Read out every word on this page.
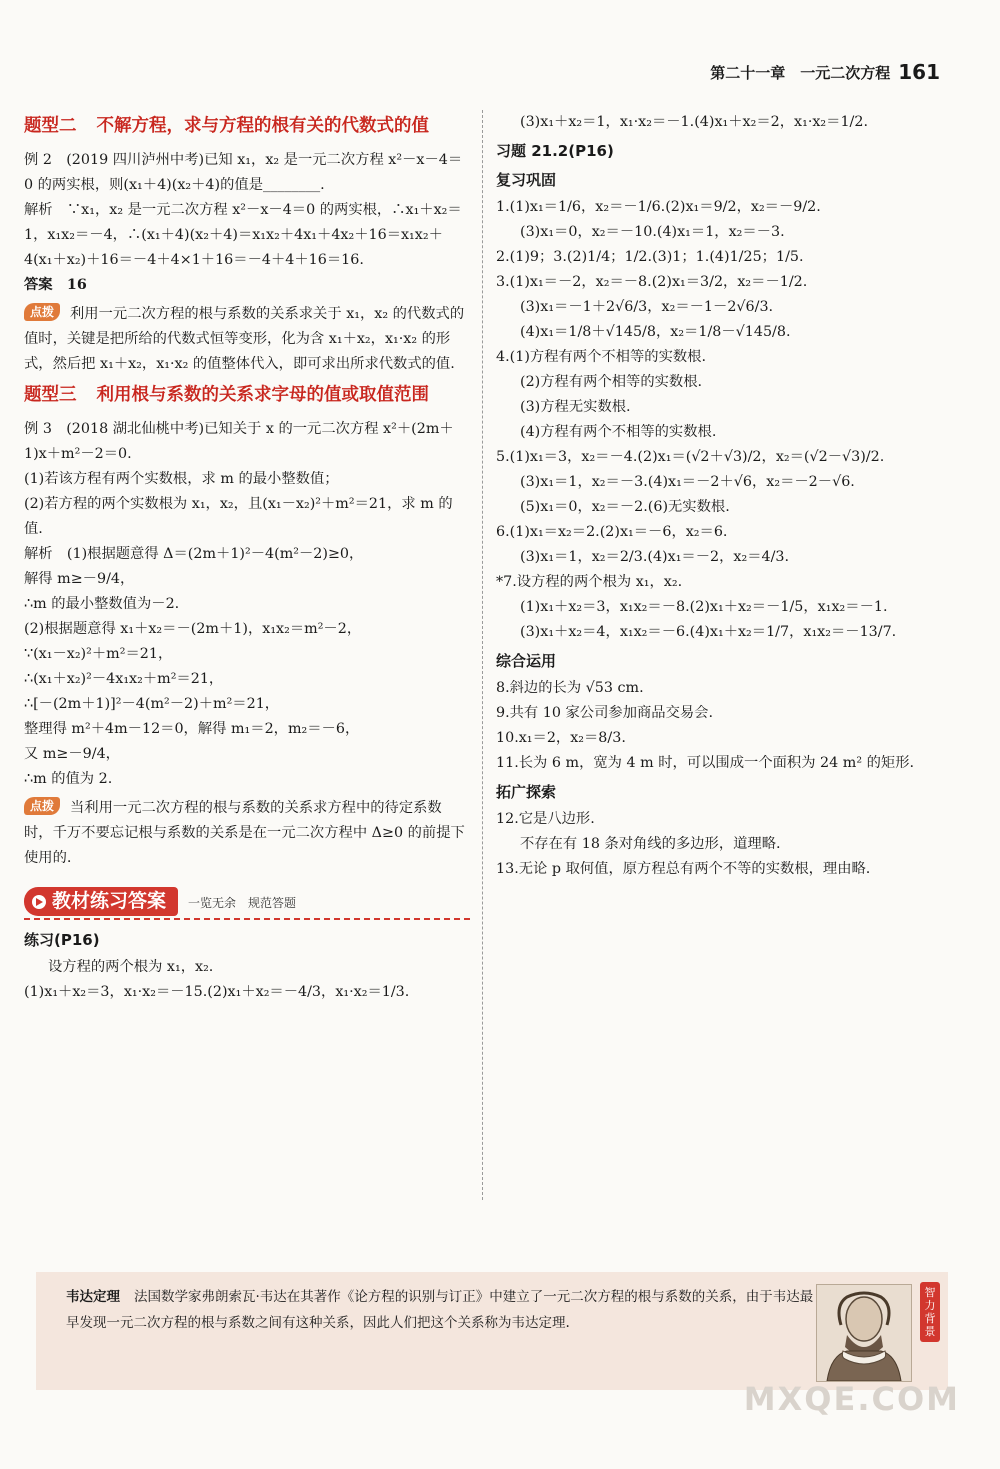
第二十一章　一元二次方程 161
题型二 不解方程，求与方程的根有关的代数式的值

例 2　(2019 四川泸州中考)已知 x₁，x₂ 是一元二次方程 x²－x－4＝0 的两实根，则(x₁＋4)(x₂＋4)的值是________.

解析　∵x₁，x₂ 是一元二次方程 x²－x－4＝0 的两实根，∴x₁＋x₂＝1，x₁x₂＝－4，∴(x₁＋4)(x₂＋4)＝x₁x₂＋4x₁＋4x₂＋16＝x₁x₂＋4(x₁＋x₂)＋16＝－4＋4×1＋16＝－4＋4＋16＝16.

答案　16

点拨 利用一元二次方程的根与系数的关系求关于 x₁，x₂ 的代数式的值时，关键是把所给的代数式恒等变形，化为含 x₁＋x₂，x₁·x₂ 的形式，然后把 x₁＋x₂，x₁·x₂ 的值整体代入，即可求出所求代数式的值.

题型三 利用根与系数的关系求字母的值或取值范围

例 3　(2018 湖北仙桃中考)已知关于 x 的一元二次方程 x²＋(2m＋1)x＋m²－2＝0.

(1)若该方程有两个实数根，求 m 的最小整数值；

(2)若方程的两个实数根为 x₁，x₂，且(x₁－x₂)²＋m²＝21，求 m 的值.

解析　(1)根据题意得 Δ＝(2m＋1)²－4(m²－2)≥0，

解得 m≥－9/4，

∴m 的最小整数值为－2.

(2)根据题意得 x₁＋x₂＝－(2m＋1)，x₁x₂＝m²－2，

∵(x₁－x₂)²＋m²＝21，

∴(x₁＋x₂)²－4x₁x₂＋m²＝21，

∴[－(2m＋1)]²－4(m²－2)＋m²＝21，

整理得 m²＋4m－12＝0，解得 m₁＝2，m₂＝－6，

又 m≥－9/4，

∴m 的值为 2.

点拨 当利用一元二次方程的根与系数的关系求方程中的待定系数时，千万不要忘记根与系数的关系是在一元二次方程中 Δ≥0 的前提下使用的.

教材练习答案 一览无余　规范答题
练习(P16)

设方程的两个根为 x₁，x₂.

(1)x₁＋x₂＝3，x₁·x₂＝－15.(2)x₁＋x₂＝－4/3，x₁·x₂＝1/3.

(3)x₁＋x₂＝1，x₁·x₂＝－1.(4)x₁＋x₂＝2，x₁·x₂＝1/2.

习题 21.2(P16)
复习巩固

1.(1)x₁＝1/6，x₂＝－1/6.(2)x₁＝9/2，x₂＝－9/2.

(3)x₁＝0，x₂＝－10.(4)x₁＝1，x₂＝－3.

2.(1)9；3.(2)1/4；1/2.(3)1；1.(4)1/25；1/5.

3.(1)x₁＝－2，x₂＝－8.(2)x₁＝3/2，x₂＝－1/2.

(3)x₁＝－1＋2√6/3，x₂＝－1－2√6/3.

(4)x₁＝1/8＋√145/8，x₂＝1/8－√145/8.

4.(1)方程有两个不相等的实数根.

(2)方程有两个相等的实数根.

(3)方程无实数根.

(4)方程有两个不相等的实数根.

5.(1)x₁＝3，x₂＝－4.(2)x₁＝(√2＋√3)/2，x₂＝(√2－√3)/2.

(3)x₁＝1，x₂＝－3.(4)x₁＝－2＋√6，x₂＝－2－√6.

(5)x₁＝0，x₂＝－2.(6)无实数根.

6.(1)x₁＝x₂＝2.(2)x₁＝－6，x₂＝6.

(3)x₁＝1，x₂＝2/3.(4)x₁＝－2，x₂＝4/3.

*7.设方程的两个根为 x₁，x₂.

(1)x₁＋x₂＝3，x₁x₂＝－8.(2)x₁＋x₂＝－1/5，x₁x₂＝－1.

(3)x₁＋x₂＝4，x₁x₂＝－6.(4)x₁＋x₂＝1/7，x₁x₂＝－13/7.

综合运用

8.斜边的长为 √53 cm.

9.共有 10 家公司参加商品交易会.

10.x₁＝2，x₂＝8/3.

11.长为 6 m，宽为 4 m 时，可以围成一个面积为 24 m² 的矩形.

拓广探索

12.它是八边形.

不存在有 18 条对角线的多边形，道理略.

13.无论 p 取何值，原方程总有两个不等的实数根，理由略.

韦达定理 法国数学家弗朗索瓦·韦达在其著作《论方程的识别与订正》中建立了一元二次方程的根与系数的关系，由于韦达最早发现一元二次方程的根与系数之间有这种关系，因此人们把这个关系称为韦达定理.
智力背景
MXQE.COM
